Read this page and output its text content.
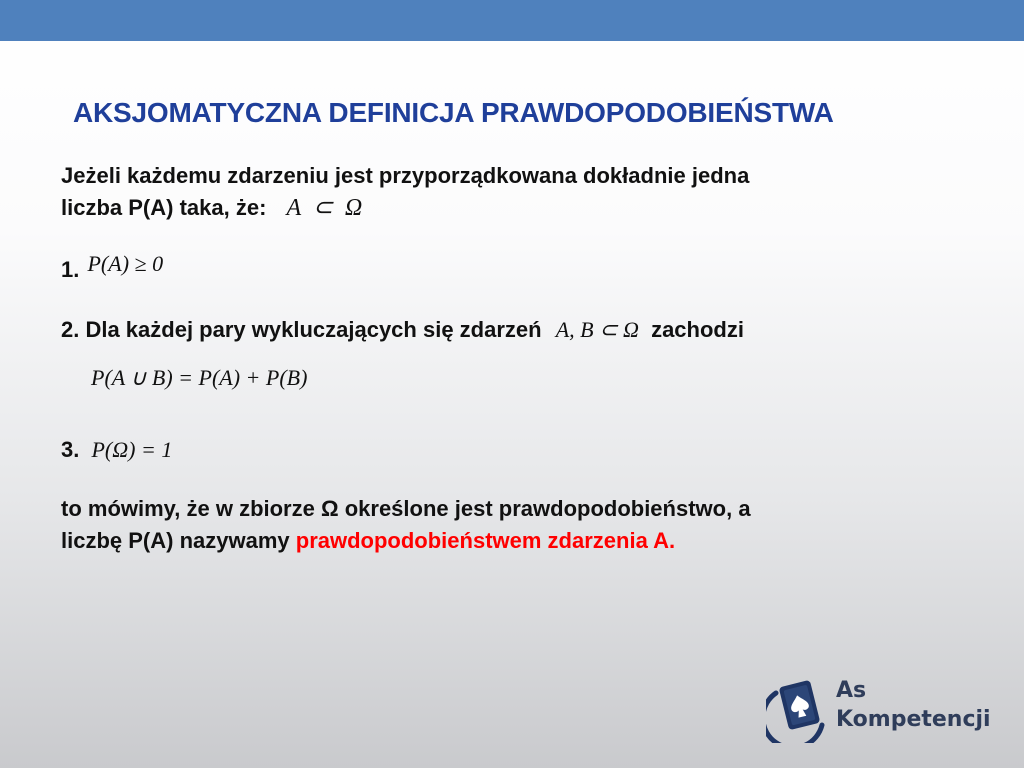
AKSJOMATYCZNA DEFINICJA PRAWDOPODOBIEŃSTWA

Jeżeli każdemu zdarzeniu jest przyporządkowana dokładnie jedna

liczba P(A) taka, że: A ⊂ Ω

1. P(A) ≥ 0

2. Dla każdej pary wykluczających się zdarzeń A, B ⊂ Ω zachodzi

P(A ∪ B) = P(A) + P(B)

3. P(Ω) = 1

to mówimy, że w zbiorze Ω określone jest prawdopodobieństwo, a

liczbę P(A) nazywamy prawdopodobieństwem zdarzenia A.

As
Kompetencji
